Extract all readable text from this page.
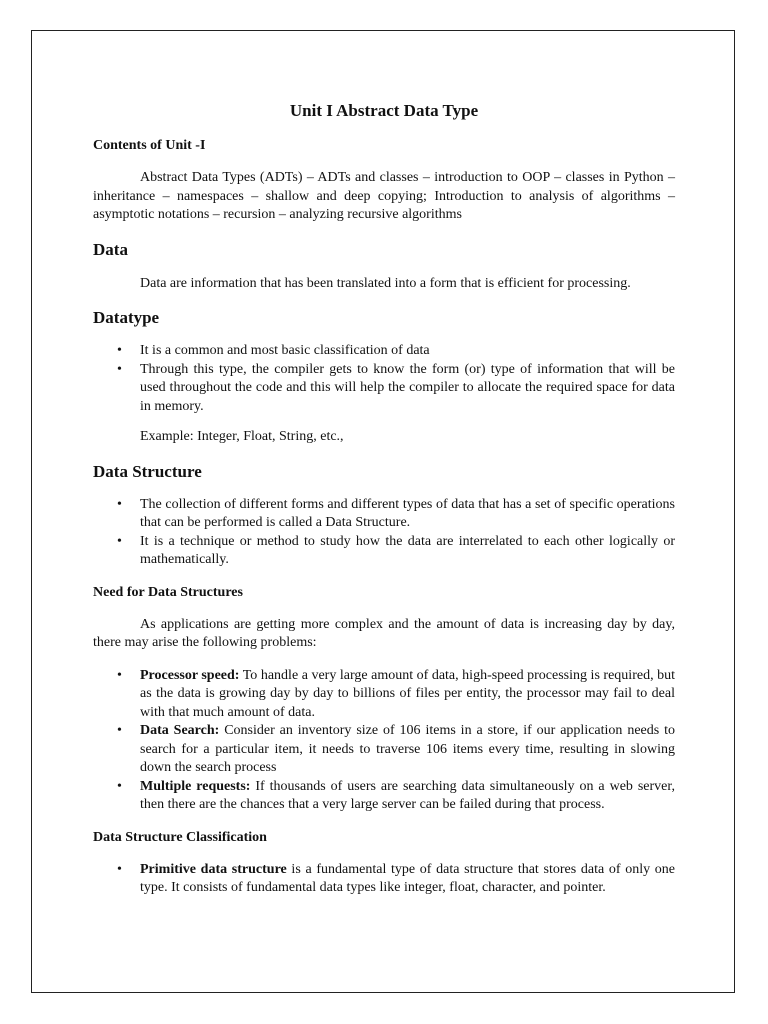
Unit I Abstract Data Type
Contents of Unit -I

Abstract Data Types (ADTs) – ADTs and classes – introduction to OOP – classes in Python – inheritance – namespaces – shallow and deep copying; Introduction to analysis of algorithms – asymptotic notations – recursion – analyzing recursive algorithms

Data

Data are information that has been translated into a form that is efficient for processing.

Datatype
• It is a common and most basic classification of data
• Through this type, the compiler gets to know the form (or) type of information that will be used throughout the code and this will help the compiler to allocate the required space for data in memory.
Example: Integer, Float, String, etc.,
Data Structure
• The collection of different forms and different types of data that has a set of specific operations that can be performed is called a Data Structure.
• It is a technique or method to study how the data are interrelated to each other logically or mathematically.
Need for Data Structures

As applications are getting more complex and the amount of data is increasing day by day, there may arise the following problems:

• Processor speed: To handle a very large amount of data, high-speed processing is required, but as the data is growing day by day to billions of files per entity, the processor may fail to deal with that much amount of data.
• Data Search: Consider an inventory size of 106 items in a store, if our application needs to search for a particular item, it needs to traverse 106 items every time, resulting in slowing down the search process
• Multiple requests: If thousands of users are searching data simultaneously on a web server, then there are the chances that a very large server can be failed during that process.
Data Structure Classification
• Primitive data structure is a fundamental type of data structure that stores data of only one type. It consists of fundamental data types like integer, float, character, and pointer.
